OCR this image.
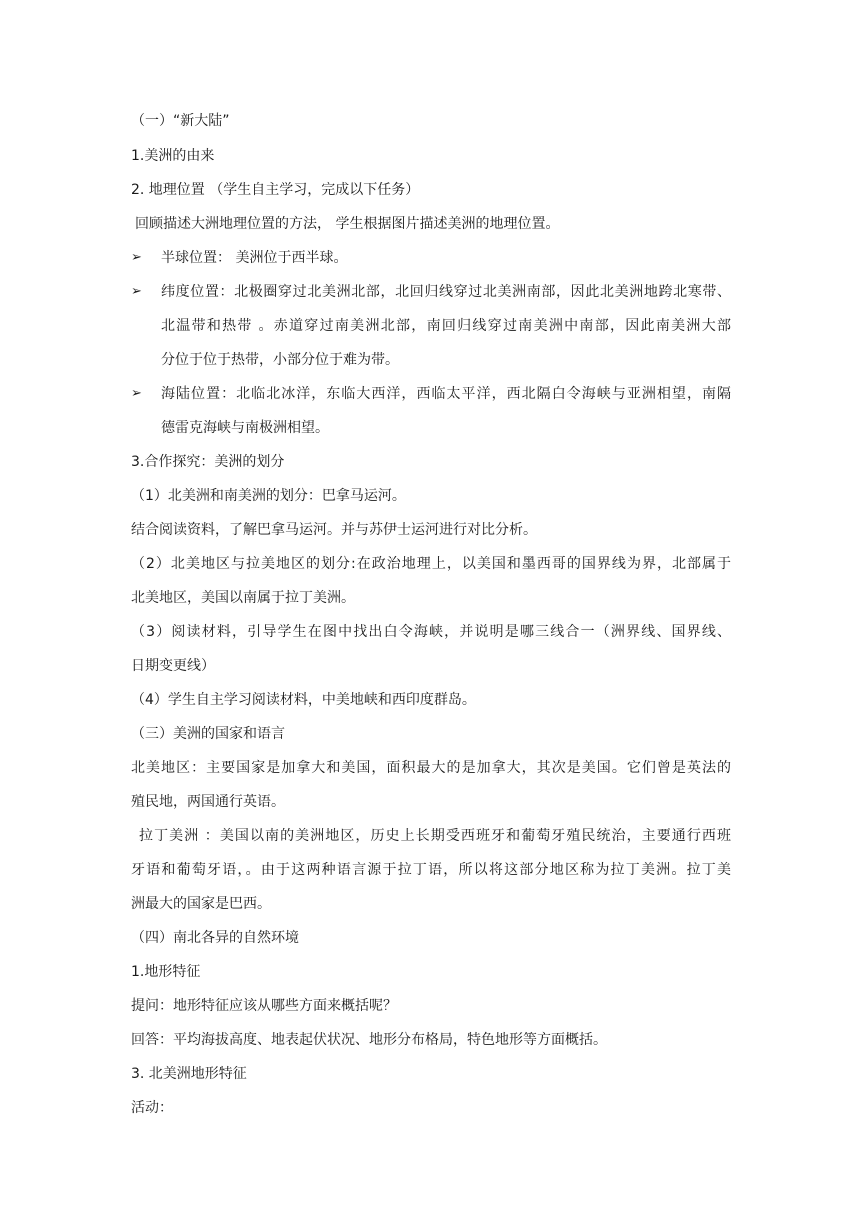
（一）“新大陆”
1.美洲的由来
2. 地理位置 （学生自主学习，完成以下任务）
回顾描述大洲地理位置的方法， 学生根据图片描述美洲的地理位置。
➢	半球位置： 美洲位于西半球。
➢	纬度位置：北极圈穿过北美洲北部，北回归线穿过北美洲南部，因此北美洲地跨北寒带、
北温带和热带 。赤道穿过南美洲北部，南回归线穿过南美洲中南部，因此南美洲大部
分位于位于热带，小部分位于难为带。
➢	海陆位置：北临北冰洋，东临大西洋，西临太平洋，西北隔白令海峡与亚洲相望，南隔
德雷克海峡与南极洲相望。
3.合作探究：美洲的划分
（1）北美洲和南美洲的划分：巴拿马运河。
结合阅读资料，了解巴拿马运河。并与苏伊士运河进行对比分析。
（2）北美地区与拉美地区的划分:在政治地理上，以美国和墨西哥的国界线为界，北部属于
北美地区，美国以南属于拉丁美洲。
（3）阅读材料，引导学生在图中找出白令海峡，并说明是哪三线合一（洲界线、国界线、
日期变更线）
（4）学生自主学习阅读材料，中美地峡和西印度群岛。
（三）美洲的国家和语言
北美地区：主要国家是加拿大和美国，面积最大的是加拿大，其次是美国。它们曾是英法的
殖民地，两国通行英语。
拉丁美洲 ：美国以南的美洲地区，历史上长期受西班牙和葡萄牙殖民统治，主要通行西班
牙语和葡萄牙语，。由于这两种语言源于拉丁语，所以将这部分地区称为拉丁美洲。拉丁美
洲最大的国家是巴西。
（四）南北各异的自然环境
1.地形特征
提问：地形特征应该从哪些方面来概括呢？
回答：平均海拔高度、地表起伏状况、地形分布格局，特色地形等方面概括。
3. 北美洲地形特征
活动：
